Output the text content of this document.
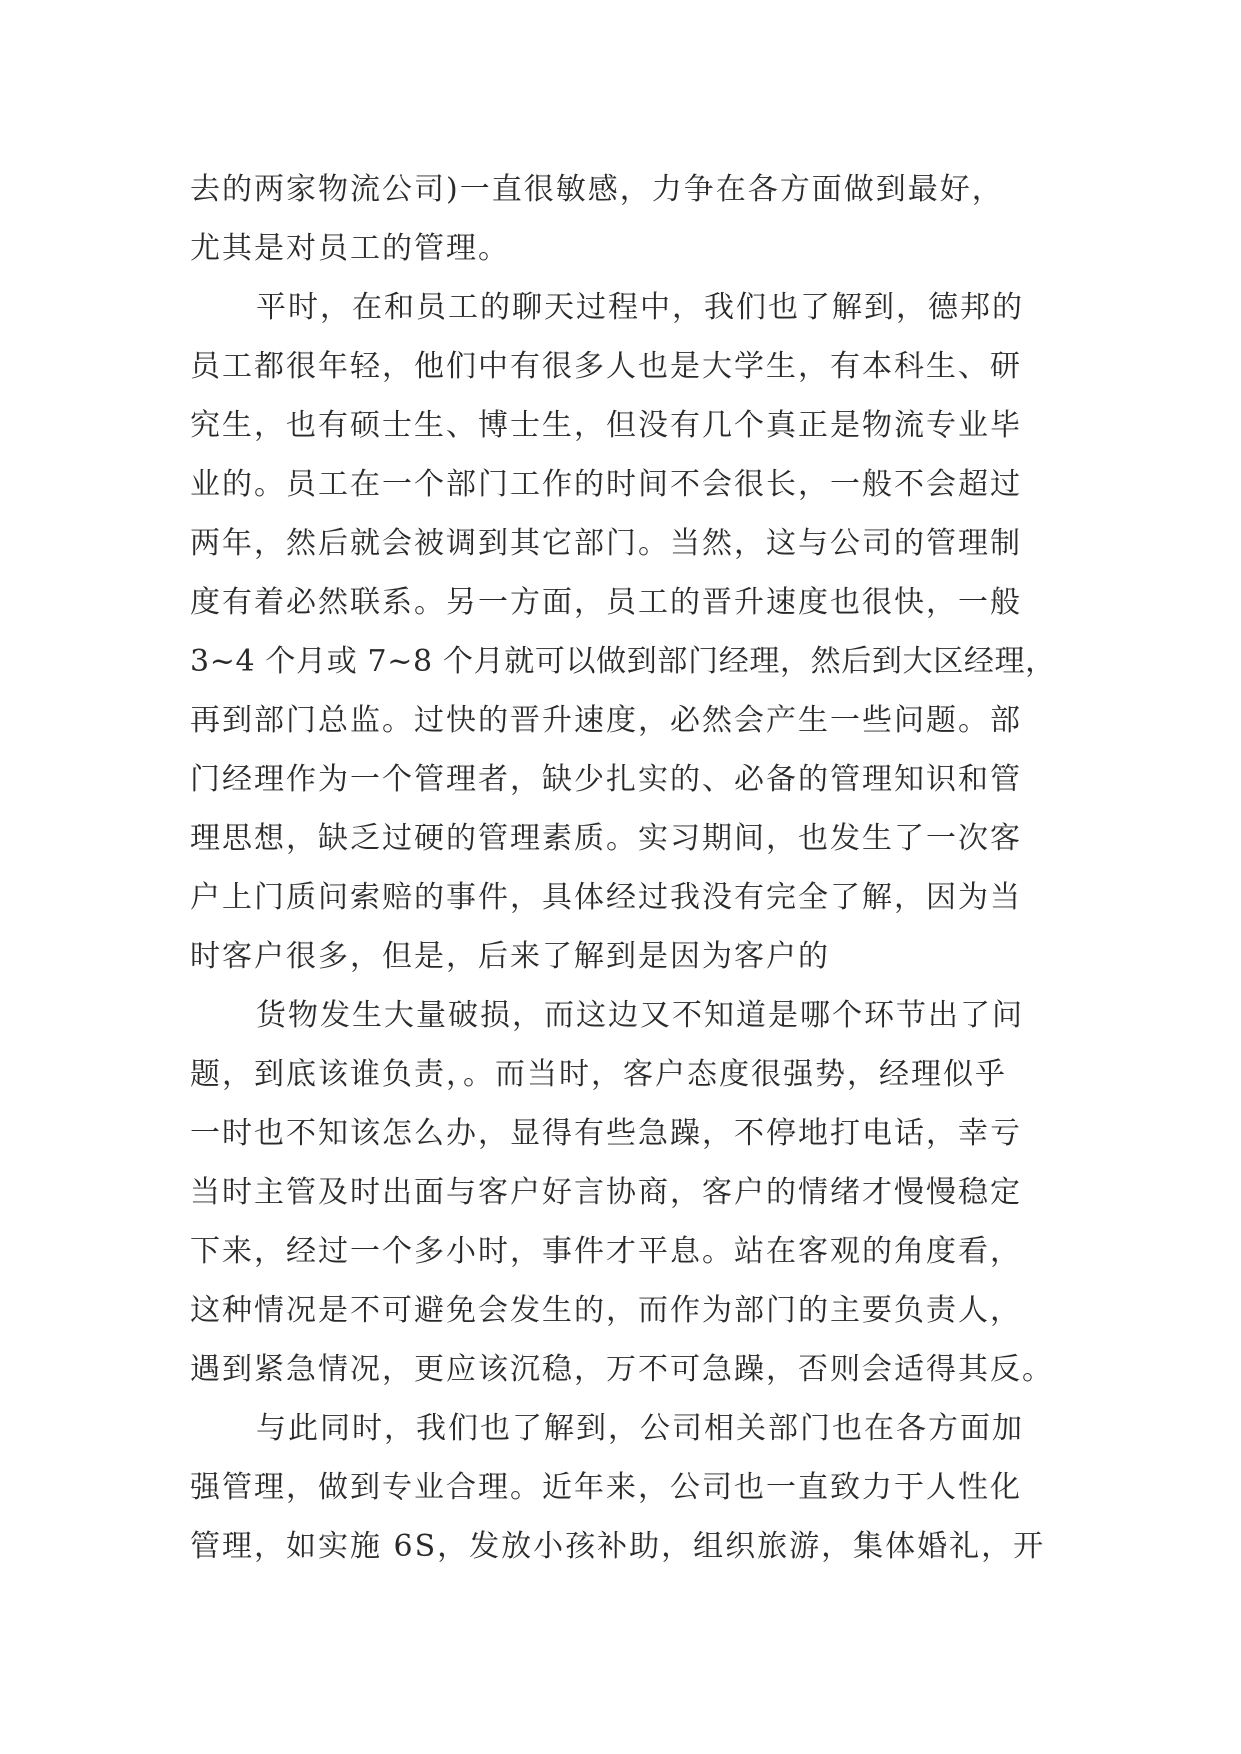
去的两家物流公司)一直很敏感，力争在各方面做到最好，
尤其是对员工的管理。
平时，在和员工的聊天过程中，我们也了解到，德邦的
员工都很年轻，他们中有很多人也是大学生，有本科生、研
究生，也有硕士生、博士生，但没有几个真正是物流专业毕
业的。员工在一个部门工作的时间不会很长，一般不会超过
两年，然后就会被调到其它部门。当然，这与公司的管理制
度有着必然联系。另一方面，员工的晋升速度也很快，一般
3~4 个月或 7~8 个月就可以做到部门经理，然后到大区经理，
再到部门总监。过快的晋升速度，必然会产生一些问题。部
门经理作为一个管理者，缺少扎实的、必备的管理知识和管
理思想，缺乏过硬的管理素质。实习期间，也发生了一次客
户上门质问索赔的事件，具体经过我没有完全了解，因为当
时客户很多，但是，后来了解到是因为客户的
货物发生大量破损，而这边又不知道是哪个环节出了问
题，到底该谁负责，。而当时，客户态度很强势，经理似乎
一时也不知该怎么办，显得有些急躁，不停地打电话，幸亏
当时主管及时出面与客户好言协商，客户的情绪才慢慢稳定
下来，经过一个多小时，事件才平息。站在客观的角度看，
这种情况是不可避免会发生的，而作为部门的主要负责人，
遇到紧急情况，更应该沉稳，万不可急躁，否则会适得其反。
与此同时，我们也了解到，公司相关部门也在各方面加
强管理，做到专业合理。近年来，公司也一直致力于人性化
管理，如实施 6S，发放小孩补助，组织旅游，集体婚礼，开
